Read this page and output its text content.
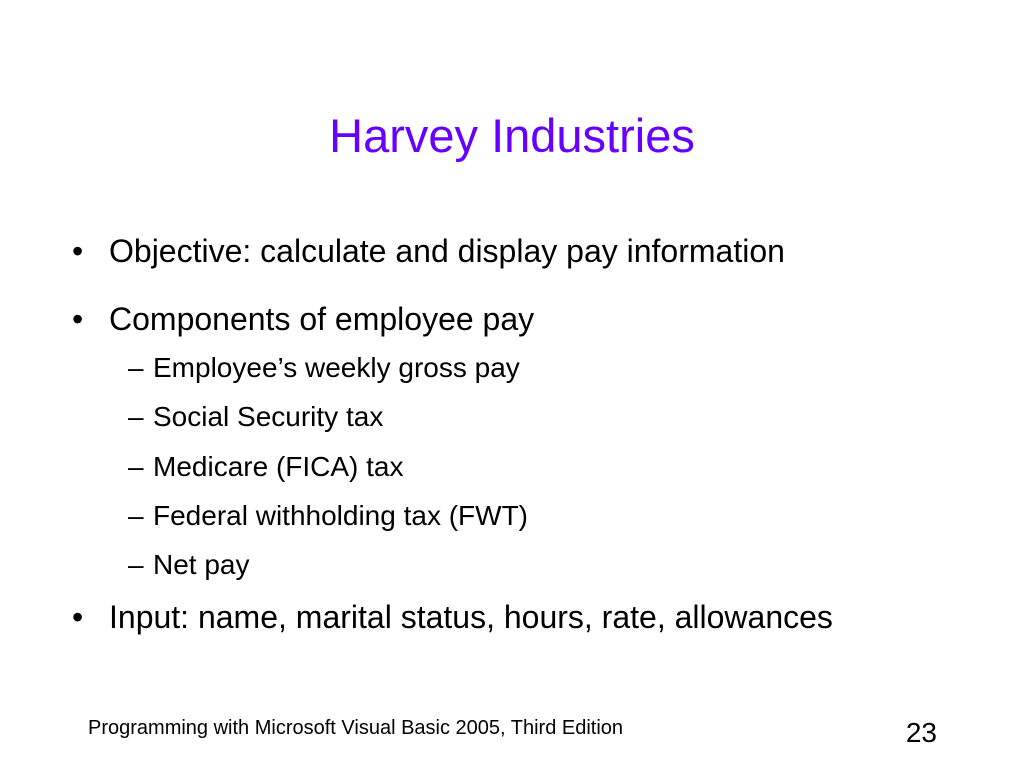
Harvey Industries
• Objective: calculate and display pay information
• Components of employee pay
– Employee’s weekly gross pay
– Social Security tax
– Medicare (FICA) tax
– Federal withholding tax (FWT)
– Net pay
• Input: name, marital status, hours, rate, allowances
Programming with Microsoft Visual Basic 2005, Third Edition	23
